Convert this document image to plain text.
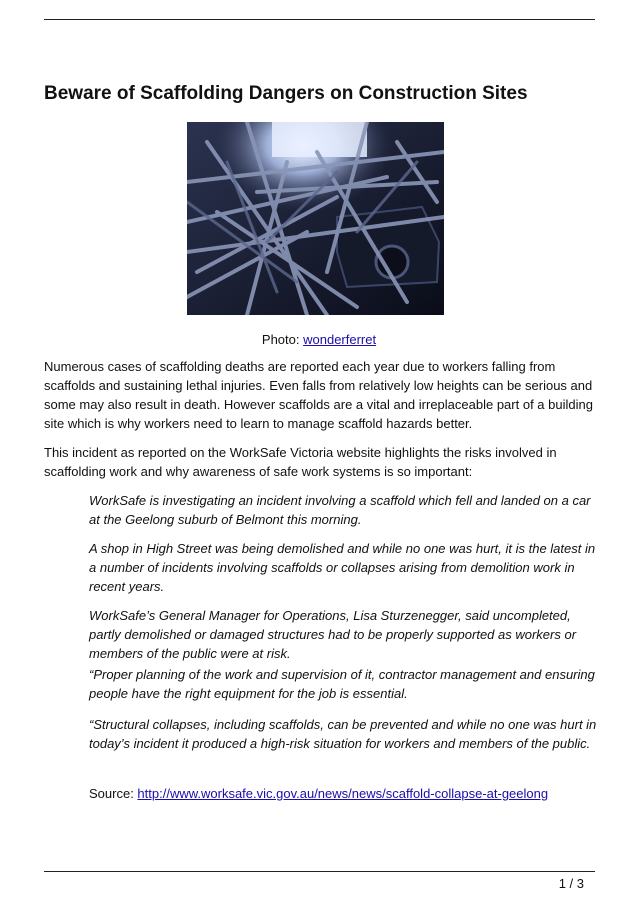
Beware of Scaffolding Dangers on Construction Sites
Photo: wonderferret

Numerous cases of scaffolding deaths are reported each year due to workers falling from scaffolds and sustaining lethal injuries. Even falls from relatively low heights can be serious and some may also result in death. However scaffolds are a vital and irreplaceable part of a building site which is why workers need to learn to manage scaffold hazards better.

This incident as reported on the WorkSafe Victoria website highlights the risks involved in scaffolding work and why awareness of safe work systems is so important:

WorkSafe is investigating an incident involving a scaffold which fell and landed on a car at the Geelong suburb of Belmont this morning.

A shop in High Street was being demolished and while no one was hurt, it is the latest in a number of incidents involving scaffolds or collapses arising from demolition work in recent years.

WorkSafe’s General Manager for Operations, Lisa Sturzenegger, said uncompleted, partly demolished or damaged structures had to be properly supported as workers or members of the public were at risk.

“Proper planning of the work and supervision of it, contractor management and ensuring people have the right equipment for the job is essential.

“Structural collapses, including scaffolds, can be prevented and while no one was hurt in today’s incident it produced a high-risk situation for workers and members of the public.

Source: http://www.worksafe.vic.gov.au/news/news/scaffold-collapse-at-geelong

1 / 3
